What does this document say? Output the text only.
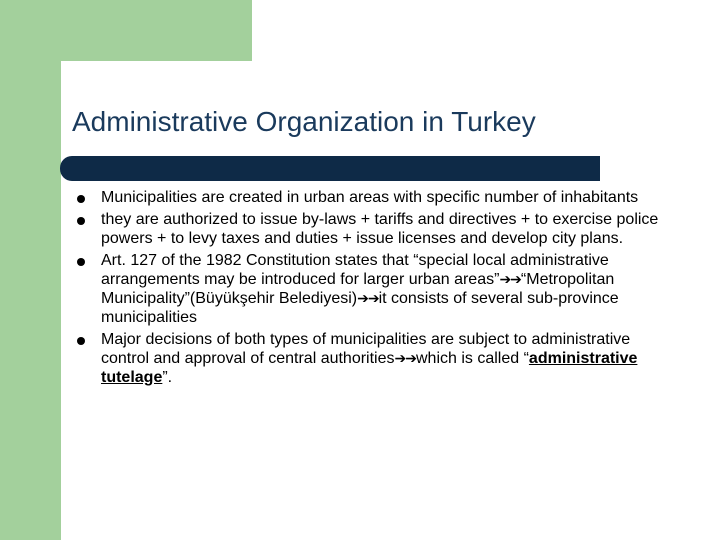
Administrative Organization in Turkey
Municipalities are created in urban areas with specific number of inhabitants
they are authorized to issue by-laws + tariffs and directives + to exercise police powers + to levy taxes and duties + issue licenses and develop city plans.
Art. 127 of the 1982 Constitution states that “special local administrative arrangements may be introduced for larger urban areas”➔➔“Metropolitan Municipality”(Büyükşehir Belediyesi)➔➔it consists of several sub-province municipalities
Major decisions of both types of municipalities are subject to administrative control and approval of central authorities➔➔which is called “administrative tutelage”.
